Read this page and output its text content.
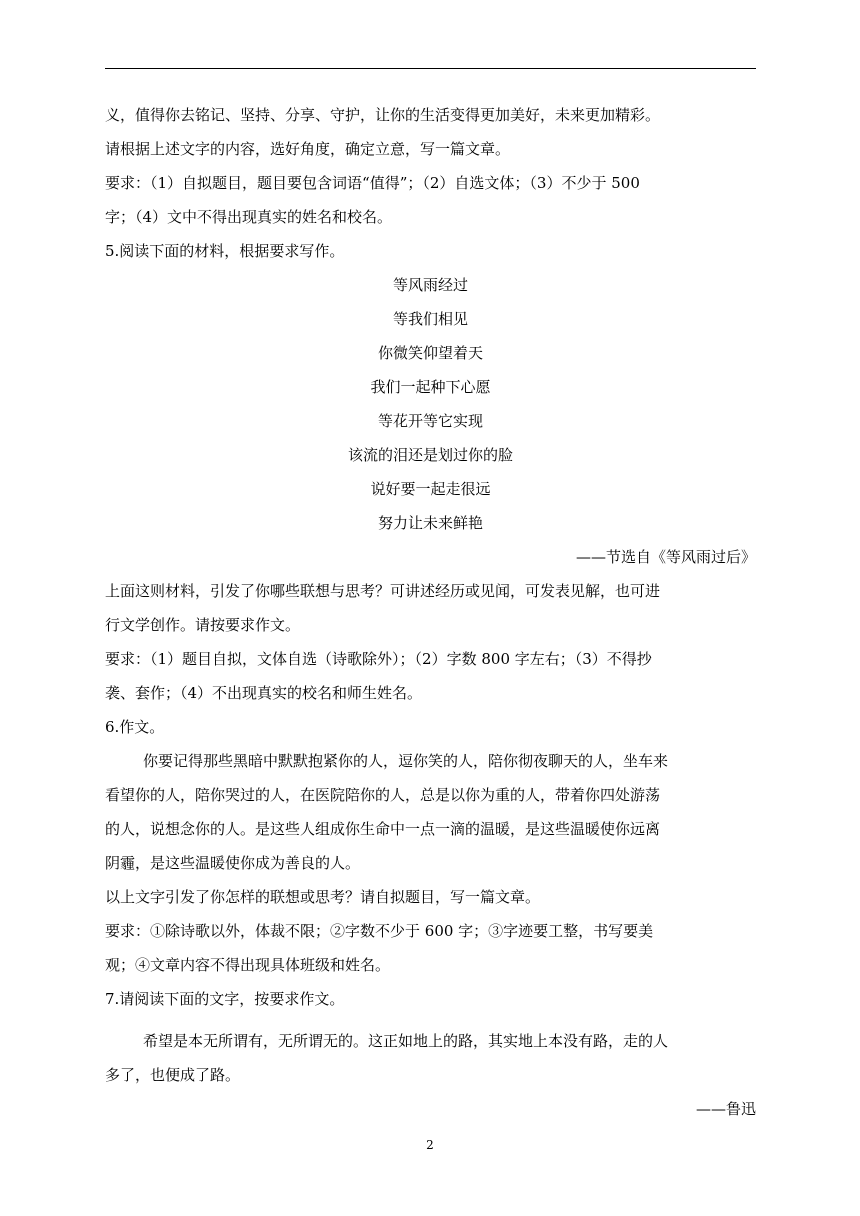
义，值得你去铭记、坚持、分享、守护，让你的生活变得更加美好，未来更加精彩。
请根据上述文字的内容，选好角度，确定立意，写一篇文章。
要求：（1）自拟题目，题目要包含词语“值得”；（2）自选文体；（3）不少于 500
字；（4）文中不得出现真实的姓名和校名。
5.阅读下面的材料，根据要求写作。
等风雨经过
等我们相见
你微笑仰望着天
我们一起种下心愿
等花开等它实现
该流的泪还是划过你的脸
说好要一起走很远
努力让未来鲜艳
——节选自《等风雨过后》
上面这则材料，引发了你哪些联想与思考？可讲述经历或见闻，可发表见解，也可进
行文学创作。请按要求作文。
要求：（1）题目自拟，文体自选（诗歌除外）；（2）字数 800 字左右；（3）不得抄
袭、套作；（4）不出现真实的校名和师生姓名。
6.作文。
你要记得那些黑暗中默默抱紧你的人，逗你笑的人，陪你彻夜聊天的人，坐车来
看望你的人，陪你哭过的人，在医院陪你的人，总是以你为重的人，带着你四处游荡
的人，说想念你的人。是这些人组成你生命中一点一滴的温暖，是这些温暖使你远离
阴霾，是这些温暖使你成为善良的人。
以上文字引发了你怎样的联想或思考？请自拟题目，写一篇文章。
要求：①除诗歌以外，体裁不限；②字数不少于 600 字；③字迹要工整，书写要美
观；④文章内容不得出现具体班级和姓名。
7.请阅读下面的文字，按要求作文。
希望是本无所谓有，无所谓无的。这正如地上的路，其实地上本没有路，走的人
多了，也便成了路。
——鲁迅
2
